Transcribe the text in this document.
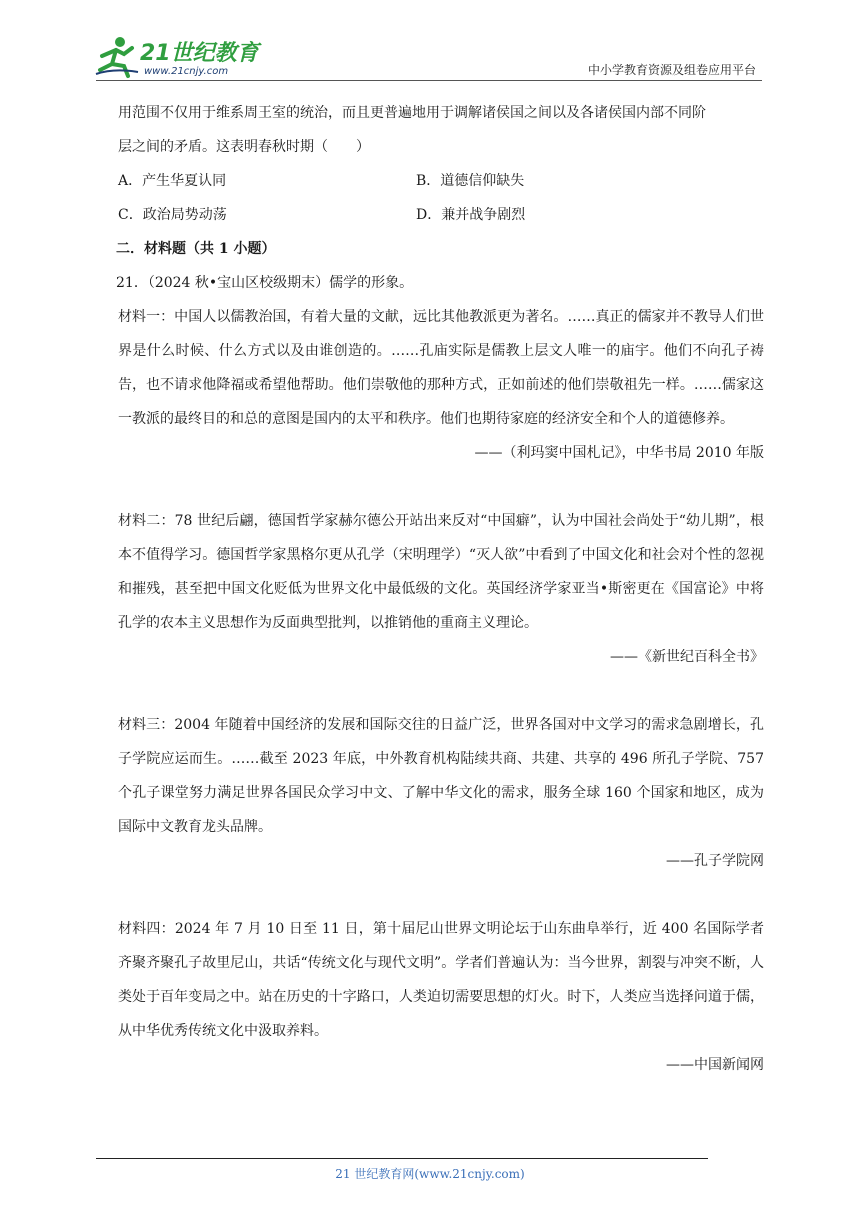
21世纪教育
www.21cnjy.com	中小学教育资源及组卷应用平台
用范围不仅用于维系周王室的统治，而且更普遍地用于调解诸侯国之间以及各诸侯国内部不同阶
层之间的矛盾。这表明春秋时期（　　）
A．产生华夏认同	B．道德信仰缺失
C．政治局势动荡	D．兼并战争剧烈
二．材料题（共 1 小题）
21．（2024 秋•宝山区校级期末）儒学的形象。
材料一：中国人以儒教治国，有着大量的文献，远比其他教派更为著名。……真正的儒家并不教导人们世界是什么时候、什么方式以及由谁创造的。……孔庙实际是儒教上层文人唯一的庙宇。他们不向孔子祷告，也不请求他降福或希望他帮助。他们崇敬他的那种方式，正如前述的他们崇敬祖先一样。……儒家这一教派的最终目的和总的意图是国内的太平和秩序。他们也期待家庭的经济安全和个人的道德修养。
——（利玛窦中国札记》，中华书局 2010 年版
材料二：78 世纪后翩，德国哲学家赫尔德公开站出来反对“中国癖”，认为中国社会尚处于“幼儿期”，根本不值得学习。德国哲学家黑格尔更从孔学（宋明理学）“灭人欲”中看到了中国文化和社会对个性的忽视和摧残，甚至把中国文化贬低为世界文化中最低级的文化。英国经济学家亚当•斯密更在《国富论》中将孔学的农本主义思想作为反面典型批判，以推销他的重商主义理论。
——《新世纪百科全书》
材料三：2004 年随着中国经济的发展和国际交往的日益广泛，世界各国对中文学习的需求急剧增长，孔子学院应运而生。……截至 2023 年底，中外教育机构陆续共商、共建、共享的 496 所孔子学院、757 个孔子课堂努力满足世界各国民众学习中文、了解中华文化的需求，服务全球 160 个国家和地区，成为国际中文教育龙头品牌。
——孔子学院网
材料四：2024 年 7 月 10 日至 11 日，第十届尼山世界文明论坛于山东曲阜举行，近 400 名国际学者齐聚齐聚孔子故里尼山，共话“传统文化与现代文明”。学者们普遍认为：当今世界，割裂与冲突不断，人类处于百年变局之中。站在历史的十字路口，人类迫切需要思想的灯火。时下，人类应当选择问道于儒，从中华优秀传统文化中汲取养料。
——中国新闻网
21 世纪教育网(www.21cnjy.com)
